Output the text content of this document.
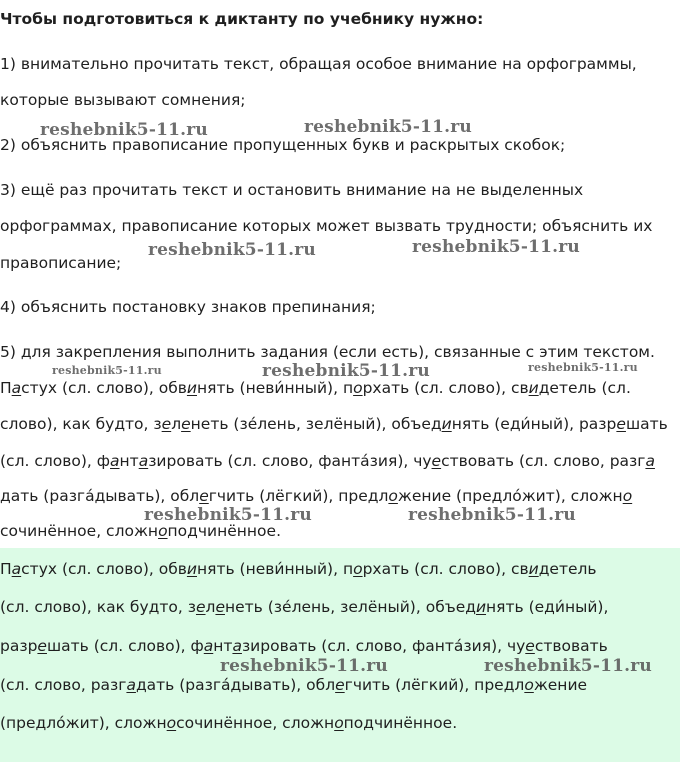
Чтобы подготовиться к диктанту по учебнику нужно:
1) внимательно прочитать текст, обращая особое внимание на орфограммы,
которые вызывают сомнения;
2) объяснить правописание пропущенных букв и раскрытых скобок;
3) ещё раз прочитать текст и остановить внимание на не выделенных
орфограммах, правописание которых может вызвать трудности; объяснить их
правописание;
4) объяснить постановку знаков препинания;
5) для закрепления выполнить задания (если есть), связанные с этим текстом.
Пастух (сл. слово), обвинять (неви́нный), порхать (сл. слово), свидетель (сл.
слово), как будто, зеленеть (зе́лень, зелёный), объединять (еди́ный), разрешать
(сл. слово), фантазировать (сл. слово, фанта́зия), чуествовать (сл. слово, разга
дать (разга́дывать), облегчить (лёгкий), предложение (предло́жит), сложно
сочинённое, сложноподчинённое.
Пастух (сл. слово), обвинять (неви́нный), порхать (сл. слово), свидетель
(сл. слово), как будто, зеленеть (зе́лень, зелёный), объединять (еди́ный),
разрешать (сл. слово), фантазировать (сл. слово, фанта́зия), чуествовать
(сл. слово, разгадать (разга́дывать), облегчить (лёгкий), предложение
(предло́жит), сложносочинённое, сложноподчинённое.
reshebnik5-11.ru	reshebnik5-11.ru
reshebnik5-11.ru	reshebnik5-11.ru
reshebnik5-11.ru	reshebnik5-11.ru	reshebnik5-11.ru
reshebnik5-11.ru	reshebnik5-11.ru
reshebnik5-11.ru	reshebnik5-11.ru
